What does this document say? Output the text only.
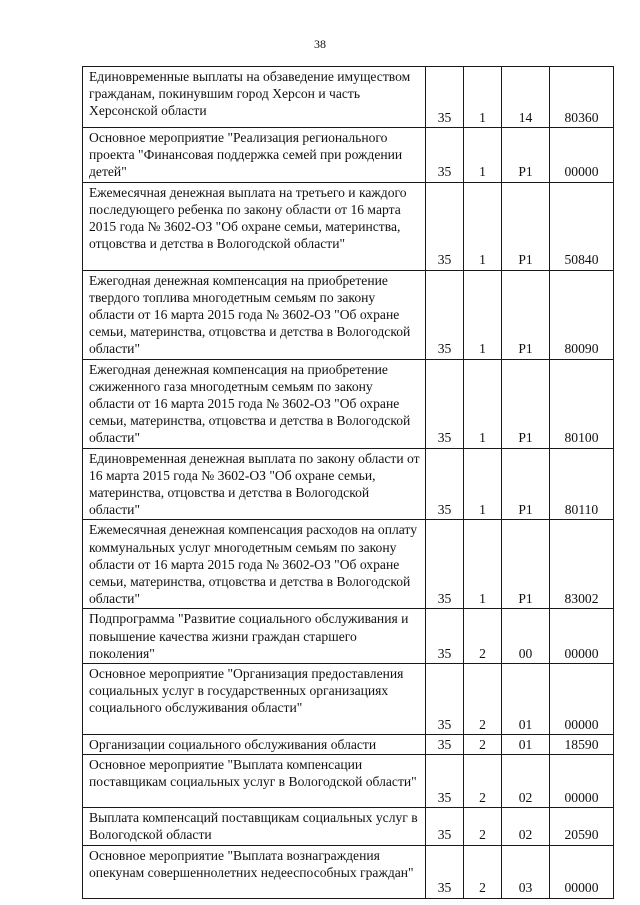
38
Единовременные выплаты на обзаведение имуществом гражданам, покинувшим город Херсон и часть Херсонской области	35	1	14	80360
Основное мероприятие "Реализация регионального проекта "Финансовая поддержка семей при рождении детей"	35	1	P1	00000
Ежемесячная денежная выплата на третьего и каждого последующего ребенка по закону области от 16 марта 2015 года № 3602-ОЗ "Об охране семьи, материнства, отцовства и детства в Вологодской области"	35	1	P1	50840
Ежегодная денежная компенсация на приобретение твердого топлива многодетным семьям по закону области от 16 марта 2015 года № 3602-ОЗ "Об охране семьи, материнства, отцовства и детства в Вологодской области"	35	1	P1	80090
Ежегодная денежная компенсация на приобретение сжиженного газа многодетным семьям по закону области от 16 марта 2015 года № 3602-ОЗ "Об охране семьи, материнства, отцовства и детства в Вологодской области"	35	1	P1	80100
Единовременная денежная выплата по закону области от 16 марта 2015 года № 3602-ОЗ "Об охране семьи, материнства, отцовства и детства в Вологодской области"	35	1	P1	80110
Ежемесячная денежная компенсация расходов на оплату коммунальных услуг многодетным семьям по закону области от 16 марта 2015 года № 3602-ОЗ "Об охране семьи, материнства, отцовства и детства в Вологодской области"	35	1	P1	83002
Подпрограмма "Развитие социального обслуживания и повышение качества жизни граждан старшего поколения"	35	2	00	00000
Основное мероприятие "Организация предоставления социальных услуг в государственных организациях социального обслуживания области"	35	2	01	00000
Организации социального обслуживания области	35	2	01	18590
Основное мероприятие "Выплата компенсации поставщикам социальных услуг в Вологодской области"	35	2	02	00000
Выплата компенсаций поставщикам социальных услуг в Вологодской области	35	2	02	20590
Основное мероприятие "Выплата вознаграждения опекунам совершеннолетних недееспособных граждан"	35	2	03	00000
